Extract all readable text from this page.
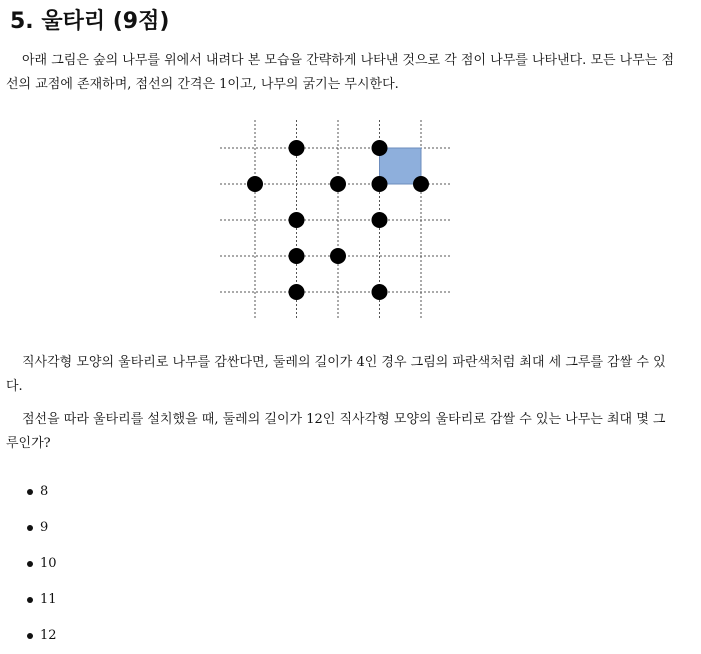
5. 울타리 (9점)

아래 그림은 숲의 나무를 위에서 내려다 본 모습을 간략하게 나타낸 것으로 각 점이 나무를 나타낸다. 모든 나무는 점선의 교점에 존재하며, 점선의 간격은 1이고, 나무의 굵기는 무시한다.

직사각형 모양의 울타리로 나무를 감싼다면, 둘레의 길이가 4인 경우 그림의 파란색처럼 최대 세 그루를 감쌀 수 있다.

점선을 따라 울타리를 설치했을 때, 둘레의 길이가 12인 직사각형 모양의 울타리로 감쌀 수 있는 나무는 최대 몇 그루인가?

8
9
10
11
12
